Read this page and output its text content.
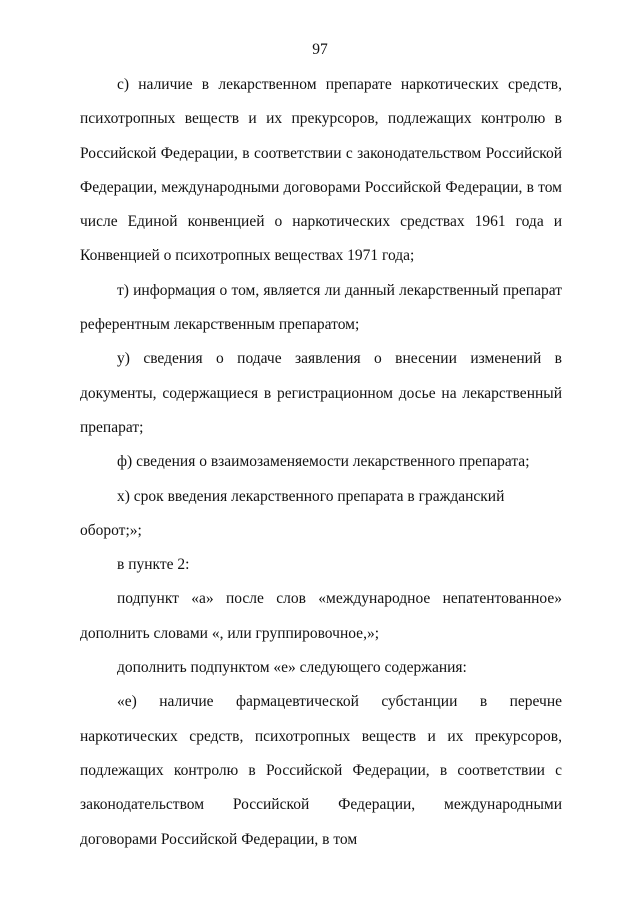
97

с) наличие в лекарственном препарате наркотических средств, психотропных веществ и их прекурсоров, подлежащих контролю в Российской Федерации, в соответствии с законодательством Российской Федерации, международными договорами Российской Федерации, в том числе Единой конвенцией о наркотических средствах 1961 года и Конвенцией о психотропных веществах 1971 года;

т) информация о том, является ли данный лекарственный препарат референтным лекарственным препаратом;

у) сведения о подаче заявления о внесении изменений в документы, содержащиеся в регистрационном досье на лекарственный препарат;

ф) сведения о взаимозаменяемости лекарственного препарата;

х) срок введения лекарственного препарата в гражданский оборот;»;

в пункте 2:

подпункт «а» после слов «международное непатентованное» дополнить словами «, или группировочное,»;

дополнить подпунктом «е» следующего содержания:

«е) наличие фармацевтической субстанции в перечне наркотических средств, психотропных веществ и их прекурсоров, подлежащих контролю в Российской Федерации, в соответствии с законодательством Российской Федерации, международными договорами Российской Федерации, в том
